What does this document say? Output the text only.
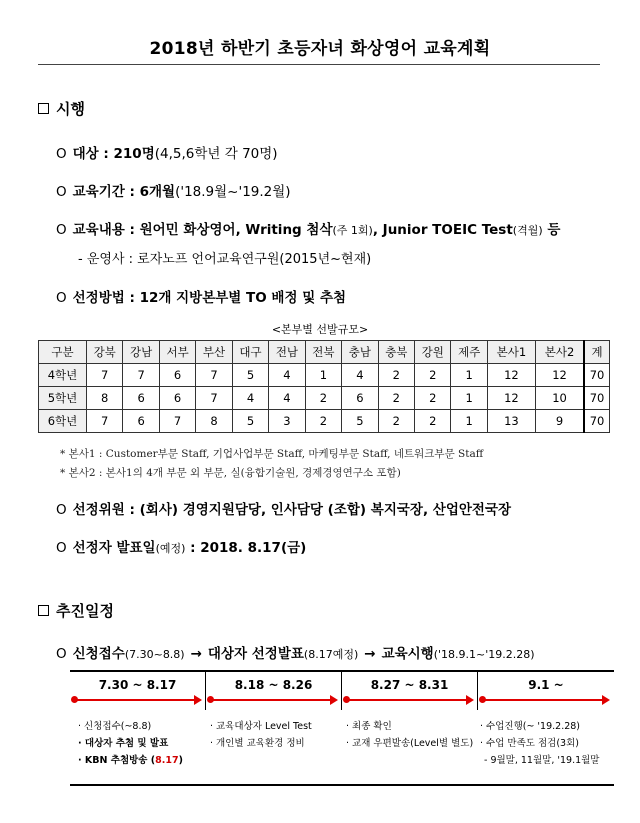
2018년 하반기 초등자녀 화상영어 교육계획
시행
O 대상 : 210명(4,5,6학년 각 70명)
O 교육기간 : 6개월('18.9월~'19.2월)
O 교육내용 : 원어민 화상영어, Writing 첨삭(주 1회), Junior TOEIC Test(격월) 등
- 운영사 : 로자노프 언어교육연구원(2015년~현재)
O 선정방법 : 12개 지방본부별 TO 배정 및 추첨
<본부별 선발규모>
구분	강북	강남	서부	부산	대구	전남	전북	충남	충북	강원	제주	본사1	본사2	계
4학년	7	7	6	7	5	4	1	4	2	2	1	12	12	70
5학년	8	6	6	7	4	4	2	6	2	2	1	12	10	70
6학년	7	6	7	8	5	3	2	5	2	2	1	13	9	70
* 본사1 : Customer부문 Staff, 기업사업부문 Staff, 마케팅부문 Staff, 네트워크부문 Staff
* 본사2 : 본사1의 4개 부문 외 부문, 실(융합기술원, 경제경영연구소 포함)
O 선정위원 : (회사) 경영지원담당, 인사담당 (조합) 복지국장, 산업안전국장
O 선정자 발표일(예정) : 2018. 8.17(금)
추진일정
O 신청접수(7.30~8.8) → 대상자 선정발표(8.17예정) → 교육시행('18.9.1~'19.2.28)
7.30 ~ 8.17	8.18 ~ 8.26	8.27 ~ 8.31	9.1 ~
· 신청접수(~8.8)
· 대상자 추첨 및 발표
· KBN 추첨방송 (8.17)
· 교육대상자 Level Test
· 개인별 교육환경 정비
· 최종 확인
· 교재 우편발송(Level별 별도)
· 수업진행(~ '19.2.28)
· 수업 만족도 점검(3회)
- 9월말, 11월말, '19.1월말
